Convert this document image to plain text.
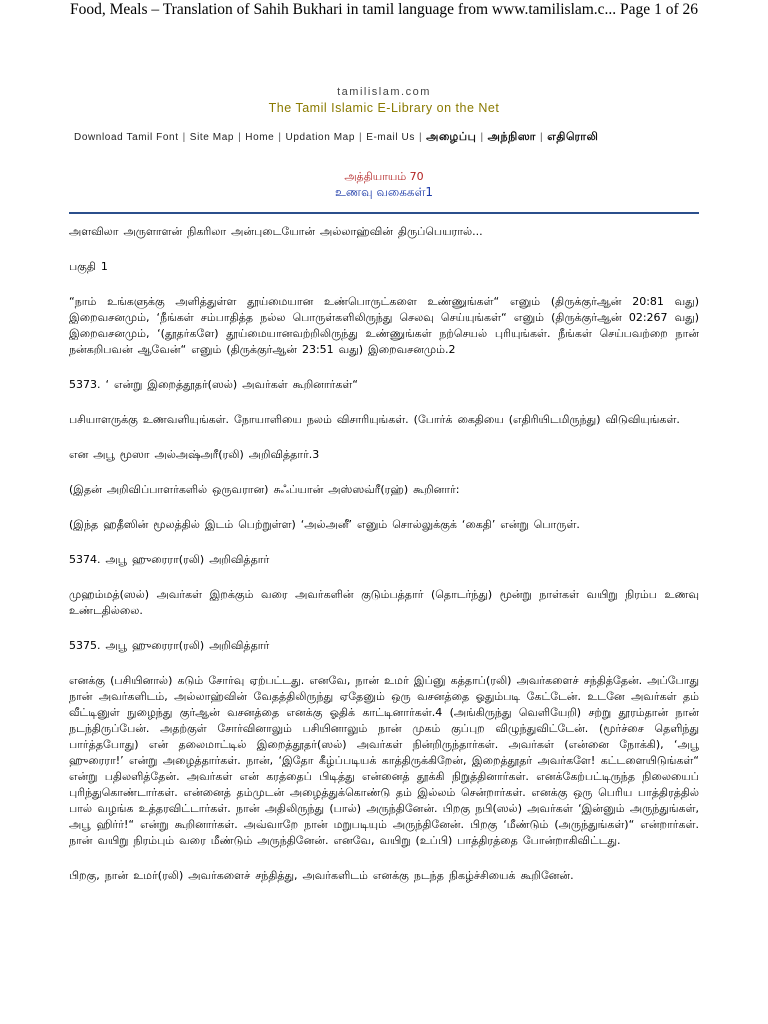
Food, Meals – Translation of Sahih Bukhari in tamil language from www.tamilislam.c... Page 1 of 26
tamilislam.com
The Tamil Islamic E-Library on the Net
Download Tamil Font | Site Map | Home | Updation Map | E-mail Us | அழைப்பு | அந்நிஸா | எதிரொலி
அத்தியாயம் 70
உணவு வகைகள்1

அளவிலா அருளாளன் நிகரிலா அன்புடையோன் அல்லாஹ்வின் திருப்பெயரால்...

பகுதி 1

“நாம் உங்களுக்கு அளித்துள்ள தூய்மையான உண்பொருட்களை உண்ணுங்கள்“ எனும் (திருக்குர்ஆன் 20:81 வது) இறைவசனமும், ‘நீங்கள் சம்பாதித்த நல்ல பொருள்களிலிருந்து செலவு செய்யுங்கள்“ எனும் (திருக்குர்ஆன் 02:267 வது) இறைவசனமும், ‘(தூதர்களே) தூய்மையானவற்றிலிருந்து உண்ணுங்கள் நற்செயல் புரியுங்கள். நீங்கள் செய்பவற்றை நான் நன்கறிபவன் ஆவேன்“ எனும் (திருக்குர்ஆன் 23:51 வது) இறைவசனமும்.2

5373. ‘ என்று இறைத்தூதர்(ஸல்) அவர்கள் கூறினார்கள்“

பசியாளருக்கு உணவளியுங்கள். நோயாளியை நலம் விசாரியுங்கள். (போர்க் கைதியை (எதிரியிடமிருந்து) விடுவியுங்கள்.

என அபூ மூஸா அல்அஷ்அரீ(ரலி) அறிவித்தார்.3

(இதன் அறிவிப்பாளர்களில் ஒருவரான) சுஃப்யான் அஸ்ஸவ்ரீ(ரஹ்) கூறினார்:

(இந்த ஹதீஸின் மூலத்தில் இடம் பெற்றுள்ள) ‘அல்அனீ’ எனும் சொல்லுக்குக் ‘கைதி’ என்று பொருள்.

5374. அபூ ஹுரைரா(ரலி) அறிவித்தார்

முஹம்மத்(ஸல்) அவர்கள் இறக்கும் வரை அவர்களின் குடும்பத்தார் (தொடர்ந்து) மூன்று நாள்கள் வயிறு நிரம்ப உணவு உண்டதில்லை.

5375. அபூ ஹுரைரா(ரலி) அறிவித்தார்

எனக்கு (பசியினால்) கடும் சோர்வு ஏற்பட்டது. எனவே, நான் உமர் இப்னு கத்தாப்(ரலி) அவர்களைச் சந்தித்தேன். அப்போது நான் அவர்களிடம், அல்லாஹ்வின் வேதத்திலிருந்து ஏதேனும் ஒரு வசனத்தை ஓதும்படி கேட்டேன். உடனே அவர்கள் தம் வீட்டினுள் நுழைந்து குர்ஆன் வசனத்தை எனக்கு ஓதிக் காட்டினார்கள்.4 (அங்கிருந்து வெளியேறி) சற்று தூரம்தான் நான் நடந்திருப்பேன். அதற்குள் சோர்வினாலும் பசியினாலும் நான் முகம் குப்புற விழுந்துவிட்டேன். (மூர்ச்சை தெளிந்து பார்த்தபோது) என் தலைமாட்டில் இறைத்தூதர்(ஸல்) அவர்கள் நின்றிருந்தார்கள். அவர்கள் (என்னை நோக்கி), ‘அபூ ஹுரைரா!’ என்று அழைத்தார்கள். நான், ‘இதோ கீழ்ப்படியக் காத்திருக்கிறேன், இறைத்தூதர் அவர்களே! கட்டளையிடுங்கள்“ என்று பதிலளித்தேன். அவர்கள் என் கரத்தைப் பிடித்து என்னைத் தூக்கி நிறுத்தினார்கள். எனக்கேற்பட்டிருந்த நிலையைப் புரிந்துகொண்டார்கள். என்னைத் தம்முடன் அழைத்துக்கொண்டு தம் இல்லம் சென்றார்கள். எனக்கு ஒரு பெரிய பாத்திரத்தில் பால் வழங்க உத்தரவிட்டார்கள். நான் அதிலிருந்து (பால்) அருந்தினேன். பிறகு நபி(ஸல்) அவர்கள் ‘இன்னும் அருந்துங்கள், அபூ ஹிர்ர்!“ என்று கூறினார்கள். அவ்வாறே நான் மறுபடியும் அருந்தினேன். பிறகு ‘மீண்டும் (அருந்துங்கள்)“ என்றார்கள். நான் வயிறு நிரம்பும் வரை மீண்டும் அருந்தினேன். எனவே, வயிறு (உப்பி) பாத்திரத்தை போன்றாகிவிட்டது.

பிறகு, நான் உமர்(ரலி) அவர்களைச் சந்தித்து, அவர்களிடம் எனக்கு நடந்த நிகழ்ச்சியைக் கூறினேன்.
